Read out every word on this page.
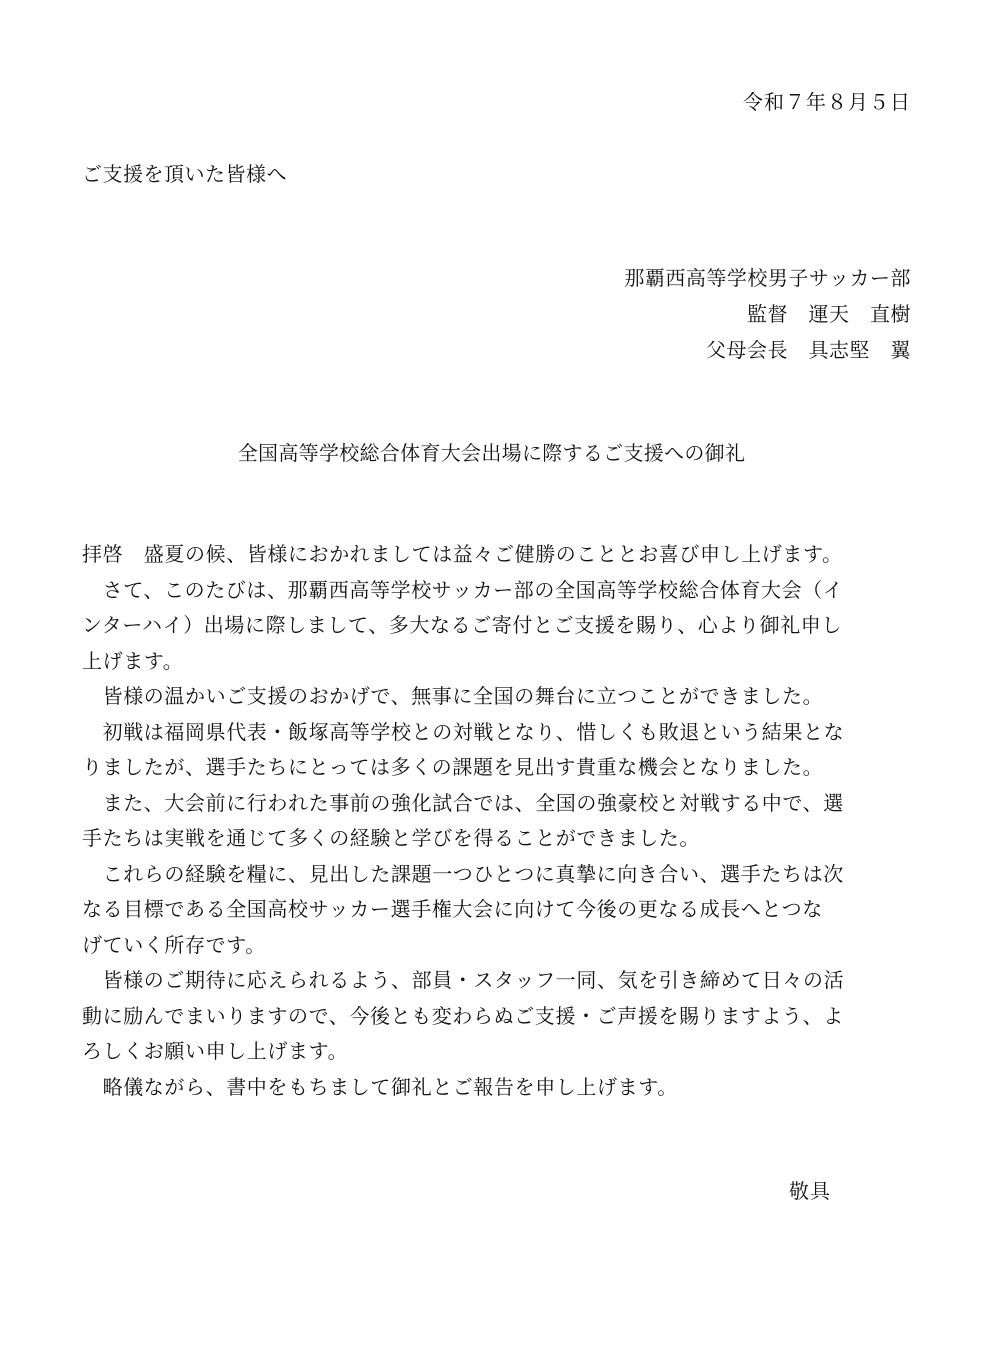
令和７年８月５日
ご支援を頂いた皆様へ
那覇西高等学校男子サッカー部
監督　運天　直樹
父母会長　具志堅　翼
全国高等学校総合体育大会出場に際するご支援への御礼
拝啓　盛夏の候、皆様におかれましては益々ご健勝のこととお喜び申し上げます。
　さて、このたびは、那覇西高等学校サッカー部の全国高等学校総合体育大会（イ
ンターハイ）出場に際しまして、多大なるご寄付とご支援を賜り、心より御礼申し
上げます。
　皆様の温かいご支援のおかげで、無事に全国の舞台に立つことができました。
　初戦は福岡県代表・飯塚高等学校との対戦となり、惜しくも敗退という結果とな
りましたが、選手たちにとっては多くの課題を見出す貴重な機会となりました。
　また、大会前に行われた事前の強化試合では、全国の強豪校と対戦する中で、選
手たちは実戦を通じて多くの経験と学びを得ることができました。
　これらの経験を糧に、見出した課題一つひとつに真摯に向き合い、選手たちは次
なる目標である全国高校サッカー選手権大会に向けて今後の更なる成長へとつな
げていく所存です。
　皆様のご期待に応えられるよう、部員・スタッフ一同、気を引き締めて日々の活
動に励んでまいりますので、今後とも変わらぬご支援・ご声援を賜りますよう、よ
ろしくお願い申し上げます。
　略儀ながら、書中をもちまして御礼とご報告を申し上げます。
敬具
